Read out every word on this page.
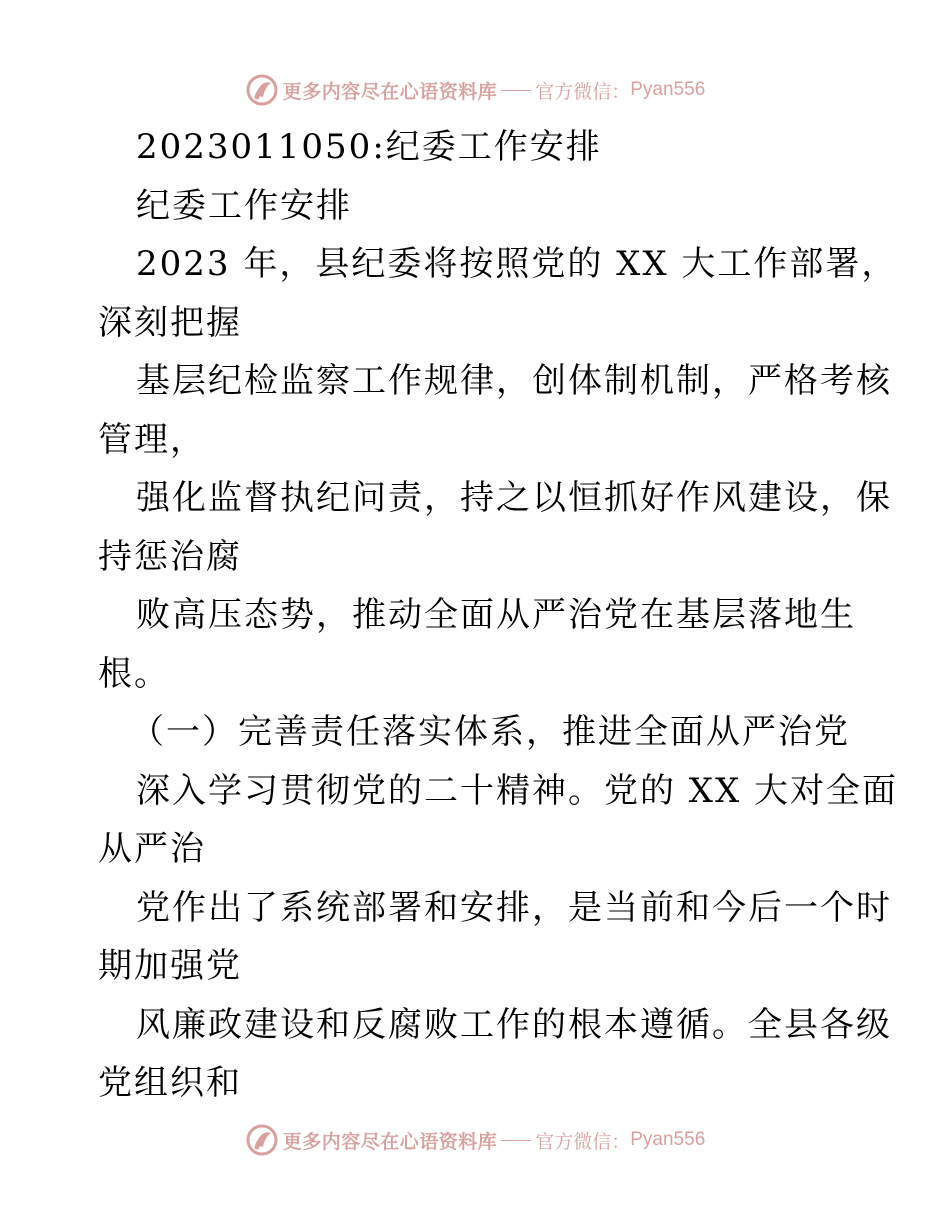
更多内容尽在心语资料库 官方微信： Pyan556
2023011050:纪委工作安排
纪委工作安排
2023 年，县纪委将按照党的 XX 大工作部署，
深刻把握
基层纪检监察工作规律，创体制机制，严格考核
管理，
强化监督执纪问责，持之以恒抓好作风建设，保
持惩治腐
败高压态势，推动全面从严治党在基层落地生
根。
（一）完善责任落实体系，推进全面从严治党
深入学习贯彻党的二十精神。党的 XX 大对全面
从严治
党作出了系统部署和安排，是当前和今后一个时
期加强党
风廉政建设和反腐败工作的根本遵循。全县各级
党组织和
更多内容尽在心语资料库 官方微信： Pyan556
